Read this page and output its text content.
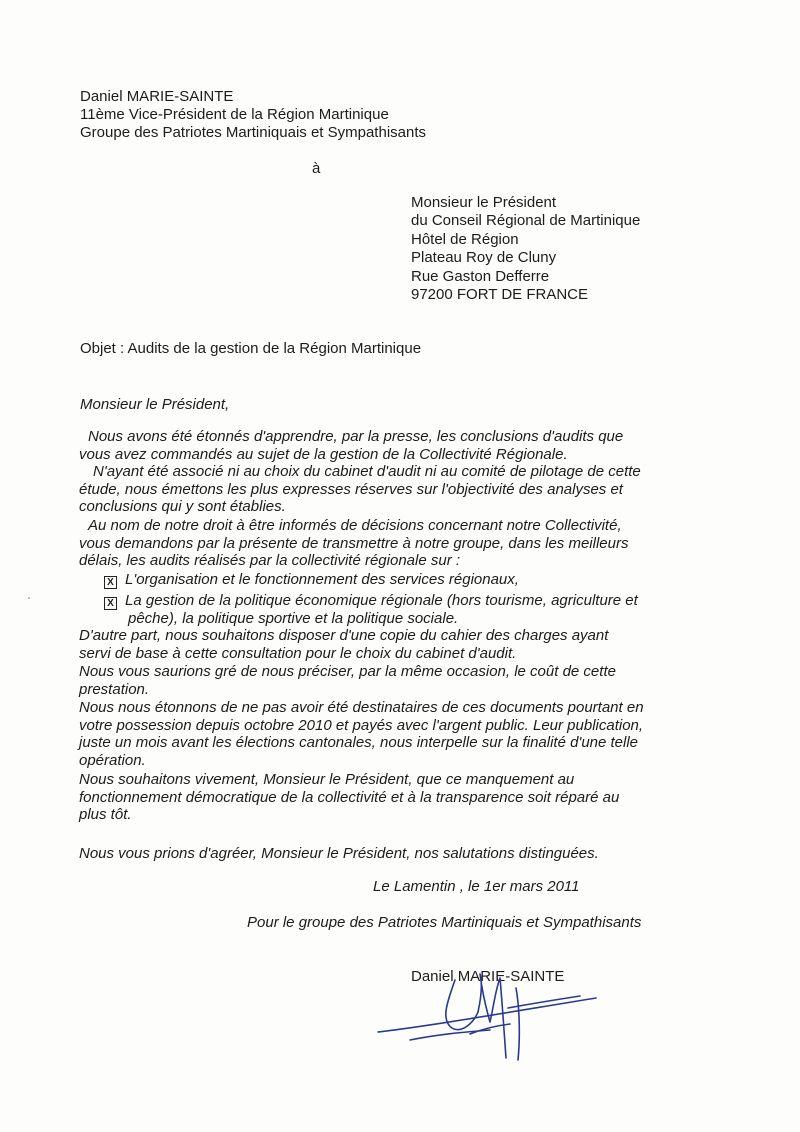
Daniel MARIE-SAINTE
11ème Vice-Président de la Région Martinique
Groupe des Patriotes Martiniquais et Sympathisants
à
Monsieur le Président
du Conseil Régional de Martinique
Hôtel de Région
Plateau Roy de Cluny
Rue Gaston Defferre
97200 FORT DE FRANCE
Objet : Audits de la gestion de la Région Martinique
Monsieur le Président,
Nous avons été étonnés d'apprendre, par la presse, les conclusions d'audits que
vous avez commandés au sujet de la gestion de la Collectivité Régionale.
N'ayant été associé ni au choix du cabinet d'audit ni au comité de pilotage de cette
étude, nous émettons les plus expresses réserves sur l'objectivité des analyses et
conclusions qui y sont établies.
Au nom de notre droit à être informés de décisions concernant notre Collectivité,
vous demandons par la présente de transmettre à notre groupe, dans les meilleurs
délais, les audits réalisés par la collectivité régionale sur :
X L'organisation et le fonctionnement des services régionaux,
X La gestion de la politique économique régionale (hors tourisme, agriculture et
pêche), la politique sportive et la politique sociale.
D'autre part, nous souhaitons disposer d'une copie du cahier des charges ayant
servi de base à cette consultation pour le choix du cabinet d'audit.
Nous vous saurions gré de nous préciser, par la même occasion, le coût de cette
prestation.
Nous nous étonnons de ne pas avoir été destinataires de ces documents pourtant en
votre possession depuis octobre 2010 et payés avec l'argent public. Leur publication,
juste un mois avant les élections cantonales, nous interpelle sur la finalité d'une telle
opération.
Nous souhaitons vivement, Monsieur le Président, que ce manquement au
fonctionnement démocratique de la collectivité et à la transparence soit réparé au
plus tôt.
Nous vous prions d'agréer, Monsieur le Président, nos salutations distinguées.
Le Lamentin , le 1er mars 2011
Pour le groupe des Patriotes Martiniquais et Sympathisants
Daniel MARIE-SAINTE
